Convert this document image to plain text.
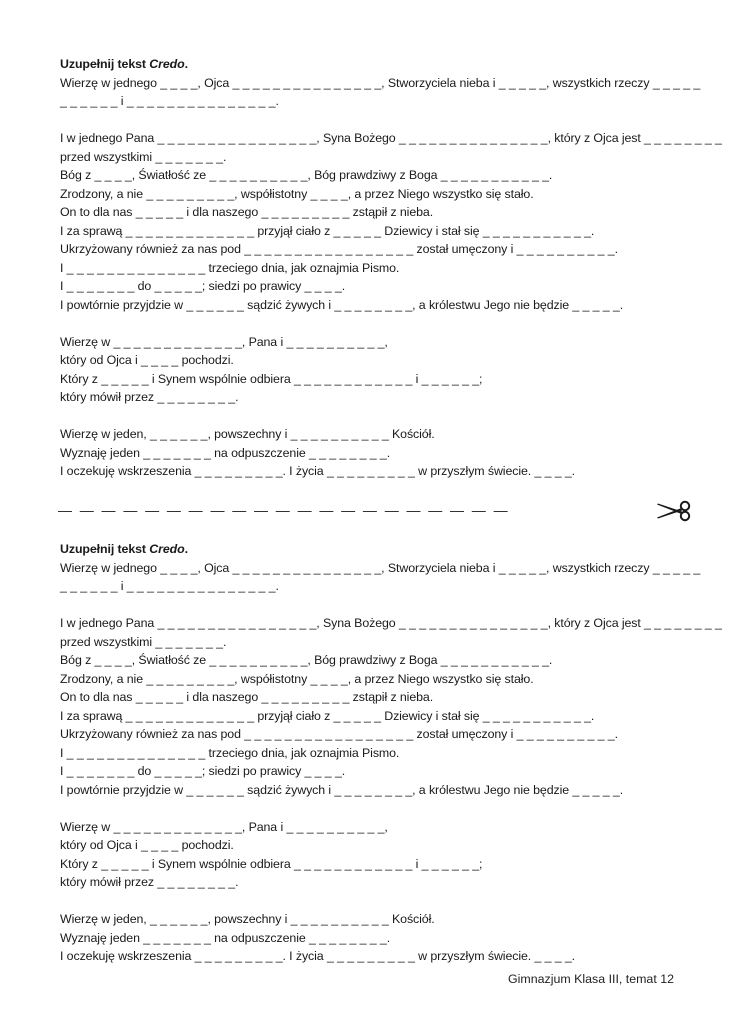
Uzupełnij tekst Credo.
Wierzę w jednego _ _ _ _, Ojca _ _ _ _ _ _ _ _ _ _ _ _ _ _ _, Stworzyciela nieba i _ _ _ _ _, wszystkich rzeczy _ _ _ _ _
_ _ _ _ _ _ i _ _ _ _ _ _ _ _ _ _ _ _ _ _ _.
I w jednego Pana _ _ _ _ _ _ _ _ _ _ _ _ _ _ _ _, Syna Bożego _ _ _ _ _ _ _ _ _ _ _ _ _ _ _, który z Ojca jest _ _ _ _ _ _ _ _
przed wszystkimi _ _ _ _ _ _ _.
Bóg z _ _ _ _, Światłość ze _ _ _ _ _ _ _ _ _ _, Bóg prawdziwy z Boga _ _ _ _ _ _ _ _ _ _ _.
Zrodzony, a nie _ _ _ _ _ _ _ _ _, współistotny _ _ _ _, a przez Niego wszystko się stało.
On to dla nas _ _ _ _ _ i dla naszego _ _ _ _ _ _ _ _ _ zstąpił z nieba.
I za sprawą _ _ _ _ _ _ _ _ _ _ _ _ _ przyjął ciało z _ _ _ _ _ Dziewicy i stał się _ _ _ _ _ _ _ _ _ _ _.
Ukrzyżowany również za nas pod _ _ _ _ _ _ _ _ _ _ _ _ _ _ _ _ _ został umęczony i _ _ _ _ _ _ _ _ _ _.
I _ _ _ _ _ _ _ _ _ _ _ _ _ _ trzeciego dnia, jak oznajmia Pismo.
I _ _ _ _ _ _ _ do _ _ _ _ _; siedzi po prawicy _ _ _ _.
I powtórnie przyjdzie w _ _ _ _ _ _ sądzić żywych i _ _ _ _ _ _ _ _, a królestwu Jego nie będzie _ _ _ _ _.
Wierzę w _ _ _ _ _ _ _ _ _ _ _ _ _, Pana i _ _ _ _ _ _ _ _ _ _,
który od Ojca i _ _ _ _ pochodzi.
Który z _ _ _ _ _ i Synem wspólnie odbiera _ _ _ _ _ _ _ _ _ _ _ _ i _ _ _ _ _ _;
który mówił przez _ _ _ _ _ _ _ _.
Wierzę w jeden, _ _ _ _ _ _, powszechny i _ _ _ _ _ _ _ _ _ _ Kościół.
Wyznaję jeden _ _ _ _ _ _ _ na odpuszczenie _ _ _ _ _ _ _ _.
I oczekuję wskrzeszenia _ _ _ _ _ _ _ _ _. I życia _ _ _ _ _ _ _ _ _ w przyszłym świecie. _ _ _ _.
—  —  —  —  —  —  —  —  —  —  —  —  —  —  —  —  —  —  —  —  —
Uzupełnij tekst Credo.
Wierzę w jednego _ _ _ _, Ojca _ _ _ _ _ _ _ _ _ _ _ _ _ _ _, Stworzyciela nieba i _ _ _ _ _, wszystkich rzeczy _ _ _ _ _
_ _ _ _ _ _ i _ _ _ _ _ _ _ _ _ _ _ _ _ _ _.
I w jednego Pana _ _ _ _ _ _ _ _ _ _ _ _ _ _ _ _, Syna Bożego _ _ _ _ _ _ _ _ _ _ _ _ _ _ _, który z Ojca jest _ _ _ _ _ _ _ _
przed wszystkimi _ _ _ _ _ _ _.
Bóg z _ _ _ _, Światłość ze _ _ _ _ _ _ _ _ _ _, Bóg prawdziwy z Boga _ _ _ _ _ _ _ _ _ _ _.
Zrodzony, a nie _ _ _ _ _ _ _ _ _, współistotny _ _ _ _, a przez Niego wszystko się stało.
On to dla nas _ _ _ _ _ i dla naszego _ _ _ _ _ _ _ _ _ zstąpił z nieba.
I za sprawą _ _ _ _ _ _ _ _ _ _ _ _ _ przyjął ciało z _ _ _ _ _ Dziewicy i stał się _ _ _ _ _ _ _ _ _ _ _.
Ukrzyżowany również za nas pod _ _ _ _ _ _ _ _ _ _ _ _ _ _ _ _ _ został umęczony i _ _ _ _ _ _ _ _ _ _.
I _ _ _ _ _ _ _ _ _ _ _ _ _ _ trzeciego dnia, jak oznajmia Pismo.
I _ _ _ _ _ _ _ do _ _ _ _ _; siedzi po prawicy _ _ _ _.
I powtórnie przyjdzie w _ _ _ _ _ _ sądzić żywych i _ _ _ _ _ _ _ _, a królestwu Jego nie będzie _ _ _ _ _.
Wierzę w _ _ _ _ _ _ _ _ _ _ _ _ _, Pana i _ _ _ _ _ _ _ _ _ _,
który od Ojca i _ _ _ _ pochodzi.
Który z _ _ _ _ _ i Synem wspólnie odbiera _ _ _ _ _ _ _ _ _ _ _ _ i _ _ _ _ _ _;
który mówił przez _ _ _ _ _ _ _ _.
Wierzę w jeden, _ _ _ _ _ _, powszechny i _ _ _ _ _ _ _ _ _ _ Kościół.
Wyznaję jeden _ _ _ _ _ _ _ na odpuszczenie _ _ _ _ _ _ _ _.
I oczekuję wskrzeszenia _ _ _ _ _ _ _ _ _. I życia _ _ _ _ _ _ _ _ _ w przyszłym świecie. _ _ _ _.
Gimnazjum Klasa III, temat 12
